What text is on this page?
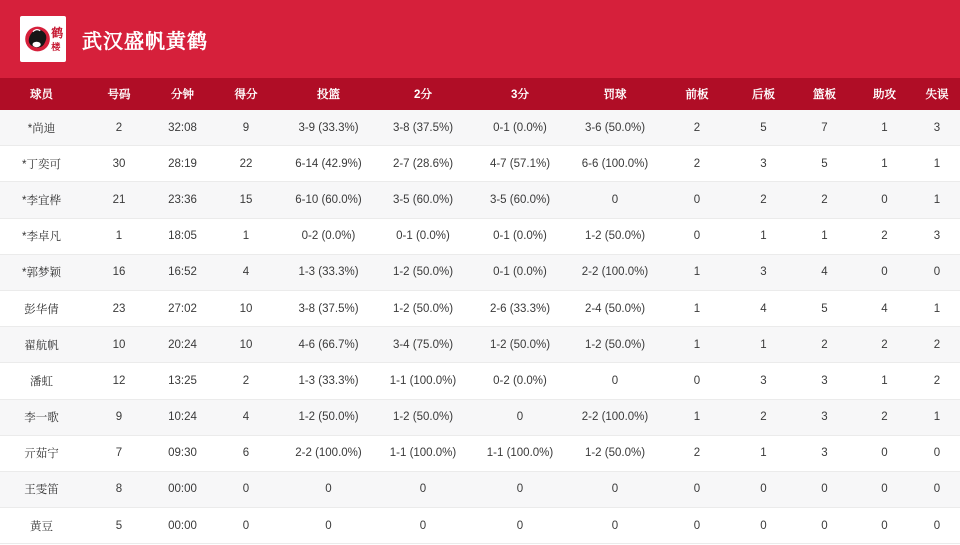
鹤
楼 武汉盛帆黄鹤
球员	号码	分钟	得分	投篮	2分	3分	罚球	前板	后板	篮板	助攻	失误
*尚迪	2	32:08	9	3-9 (33.3%)	3-8 (37.5%)	0-1 (0.0%)	3-6 (50.0%)	2	5	7	1	3
*丁奕可	30	28:19	22	6-14 (42.9%)	2-7 (28.6%)	4-7 (57.1%)	6-6 (100.0%)	2	3	5	1	1
*李宜桦	21	23:36	15	6-10 (60.0%)	3-5 (60.0%)	3-5 (60.0%)	0	0	2	2	0	1
*李卓凡	1	18:05	1	0-2 (0.0%)	0-1 (0.0%)	0-1 (0.0%)	1-2 (50.0%)	0	1	1	2	3
*郭梦颖	16	16:52	4	1-3 (33.3%)	1-2 (50.0%)	0-1 (0.0%)	2-2 (100.0%)	1	3	4	0	0
彭华倩	23	27:02	10	3-8 (37.5%)	1-2 (50.0%)	2-6 (33.3%)	2-4 (50.0%)	1	4	5	4	1
翟航帆	10	20:24	10	4-6 (66.7%)	3-4 (75.0%)	1-2 (50.0%)	1-2 (50.0%)	1	1	2	2	2
潘虹	12	13:25	2	1-3 (33.3%)	1-1 (100.0%)	0-2 (0.0%)	0	0	3	3	1	2
李一歌	9	10:24	4	1-2 (50.0%)	1-2 (50.0%)	0	2-2 (100.0%)	1	2	3	2	1
亓茹宁	7	09:30	6	2-2 (100.0%)	1-1 (100.0%)	1-1 (100.0%)	1-2 (50.0%)	2	1	3	0	0
王雯笛	8	00:00	0	0	0	0	0	0	0	0	0	0
黄豆	5	00:00	0	0	0	0	0	0	0	0	0	0
